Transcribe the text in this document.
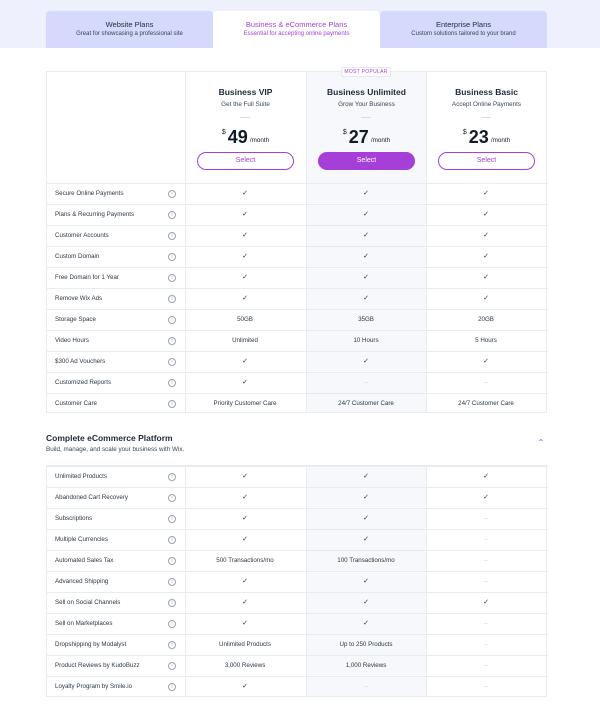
Website Plans
Great for showcasing a professional site
Business & eCommerce Plans
Essential for accepting online payments
Enterprise Plans
Custom solutions tailored to your brand
Business VIP
Get the Full Suite
$ 49 /month
Select
MOST POPULAR
Business Unlimited
Grow Your Business
$ 27 /month
Select
Business Basic
Accept Online Payments
$ 23 /month
Select
Secure Online Payments	i	✓	✓	✓
Plans & Recurring Payments	i	✓	✓	✓
Customer Accounts	i	✓	✓	✓
Custom Domain	i	✓	✓	✓
Free Domain for 1 Year	i	✓	✓	✓
Remove Wix Ads	i	✓	✓	✓
Storage Space	i	50GB	35GB	20GB
Video Hours	i	Unlimited	10 Hours	5 Hours
$300 Ad Vouchers	i	✓	✓	✓
Customized Reports	i	✓	–	–
Customer Care	i	Priority Customer Care	24/7 Customer Care	24/7 Customer Care
Complete eCommerce Platform
Build, manage, and scale your business with Wix.
⌃
Unlimited Products	i	✓	✓	✓
Abandoned Cart Recovery	i	✓	✓	✓
Subscriptions	i	✓	✓	–
Multiple Currencies	i	✓	✓	–
Automated Sales Tax	i	500 Transactions/mo	100 Transactions/mo	–
Advanced Shipping	i	✓	✓	–
Sell on Social Channels	i	✓	✓	✓
Sell on Marketplaces	i	✓	✓	–
Dropshipping by Modalyst	i	Unlimited Products	Up to 250 Products	–
Product Reviews by KudoBuzz	i	3,000 Reviews	1,000 Reviews	–
Loyalty Program by Smile.io	i	✓	–	–
